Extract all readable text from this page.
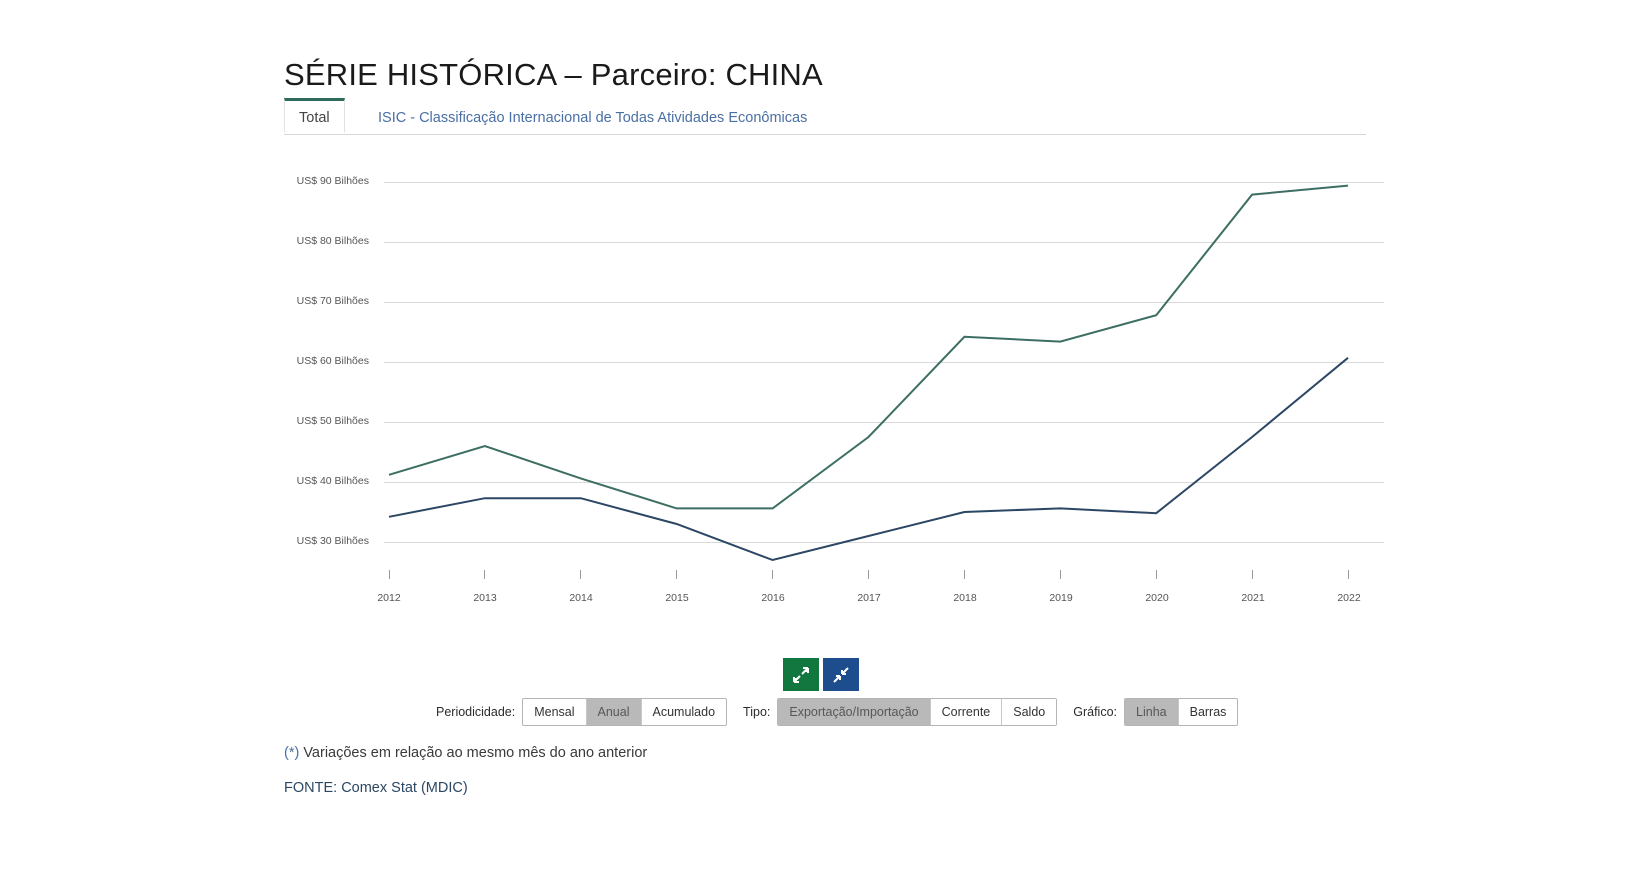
SÉRIE HISTÓRICA – Parceiro: CHINA
Total	ISIC - Classificação Internacional de Todas Atividades Econômicas
US$ 90 Bilhões
US$ 80 Bilhões
US$ 70 Bilhões
US$ 60 Bilhões
US$ 50 Bilhões
US$ 40 Bilhões
US$ 30 Bilhões
2012	2013	2014	2015	2016	2017	2018	2019	2020	2021	2022
Periodicidade:	Mensal	Anual	Acumulado	Tipo:	Exportação/Importação	Corrente	Saldo	Gráfico:	Linha	Barras
(*) Variações em relação ao mesmo mês do ano anterior
FONTE: Comex Stat (MDIC)
